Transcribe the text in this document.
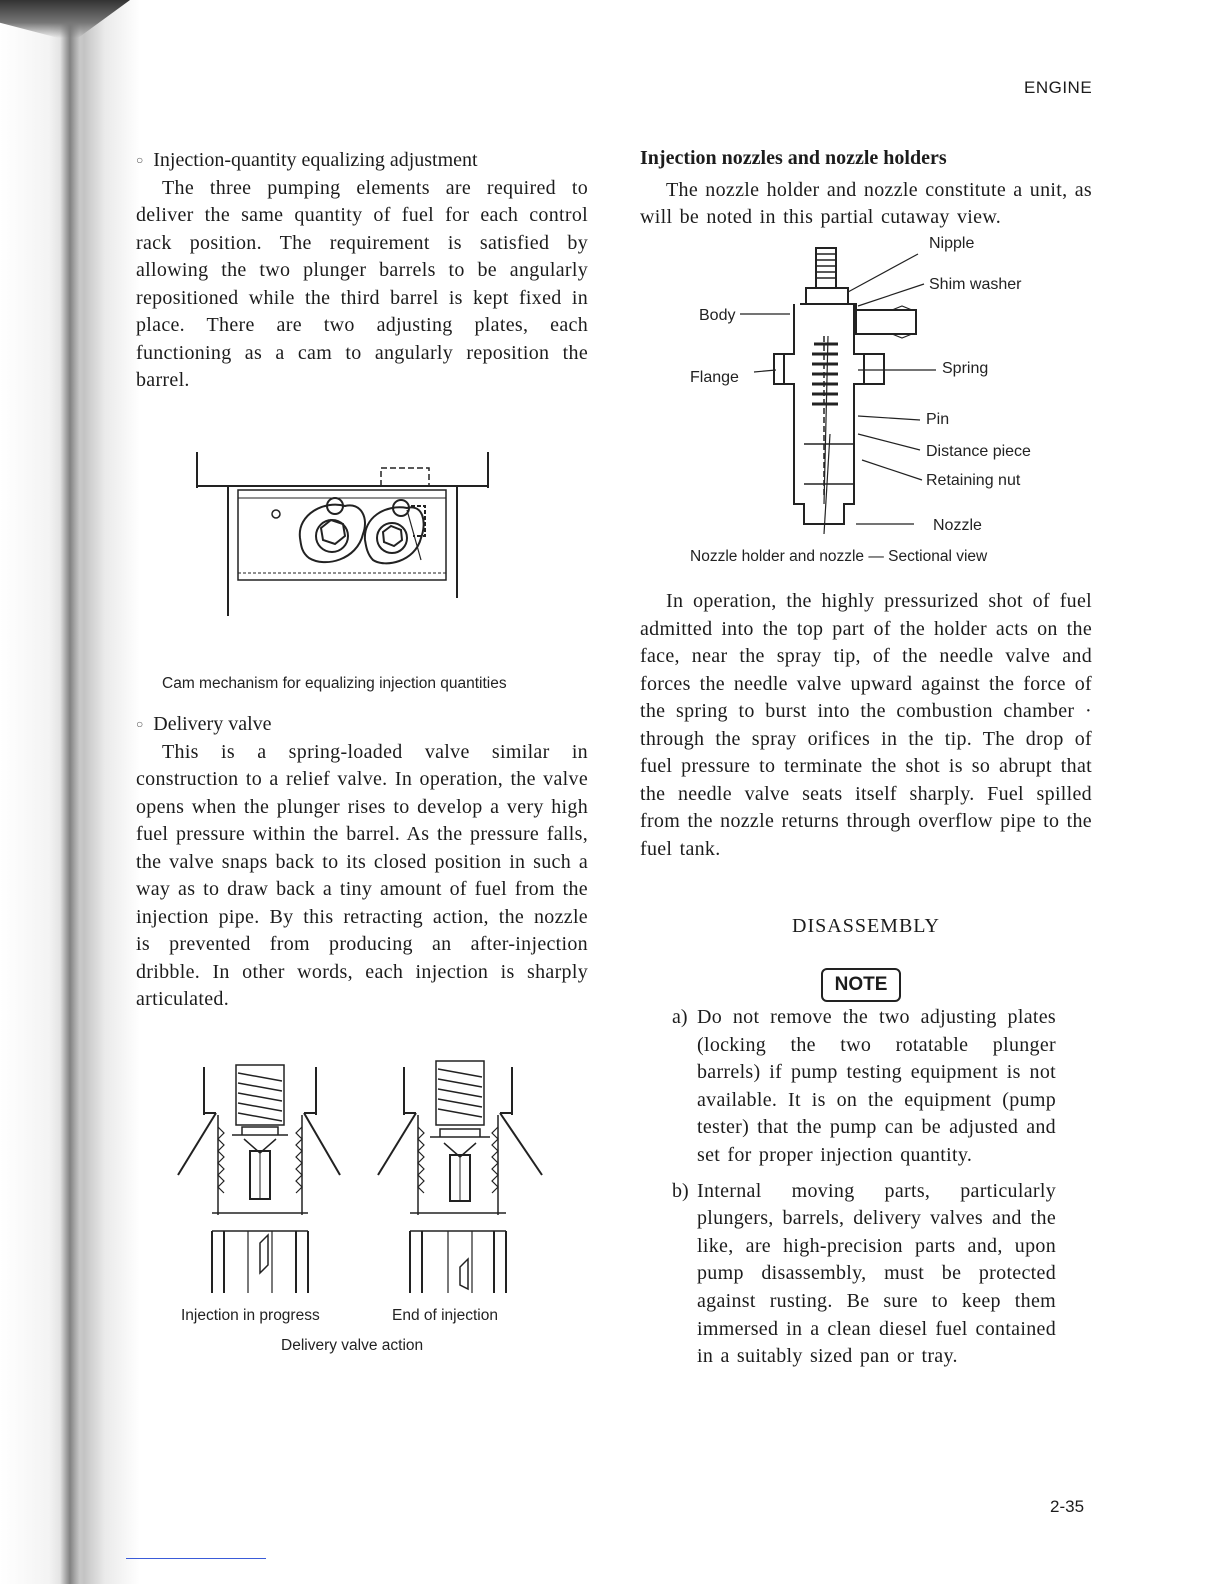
ENGINE

○ Injection-quantity equalizing adjustment

The three pumping elements are required to deliver the same quantity of fuel for each control rack position. The requirement is satisfied by allowing the two plunger barrels to be angularly repositioned while the third barrel is kept fixed in place. There are two adjusting plates, each functioning as a cam to angularly reposition the barrel.

Cam mechanism for equalizing injection quantities

○ Delivery valve

This is a spring-loaded valve similar in construction to a relief valve. In operation, the valve opens when the plunger rises to develop a very high fuel pressure within the barrel. As the pressure falls, the valve snaps back to its closed position in such a way as to draw back a tiny amount of fuel from the injection pipe. By this retracting action, the nozzle is prevented from producing an after-injection dribble. In other words, each injection is sharply articulated.

Injection in progress	End of injection
Delivery valve action

Injection nozzles and nozzle holders

The nozzle holder and nozzle constitute a unit, as will be noted in this partial cutaway view.

Nipple
Shim washer
Body
Spring
Flange
Pin
Distance piece
Retaining nut
Nozzle
Nozzle holder and nozzle — Sectional view

In operation, the highly pressurized shot of fuel admitted into the top part of the holder acts on the face, near the spray tip, of the needle valve and forces the needle valve upward against the force of the spring to burst into the combustion chamber · through the spray orifices in the tip. The drop of fuel pressure to terminate the shot is so abrupt that the needle valve seats itself sharply. Fuel spilled from the nozzle returns through overflow pipe to the fuel tank.

DISASSEMBLY
NOTE
a) Do not remove the two adjusting plates (locking the two rotatable plunger barrels) if pump testing equipment is not available. It is on the equipment (pump tester) that the pump can be adjusted and set for proper injection quantity.
b) Internal moving parts, particularly plungers, barrels, delivery valves and the like, are high-precision parts and, upon pump disassembly, must be protected against rusting. Be sure to keep them immersed in a clean diesel fuel contained in a suitably sized pan or tray.
2-35
